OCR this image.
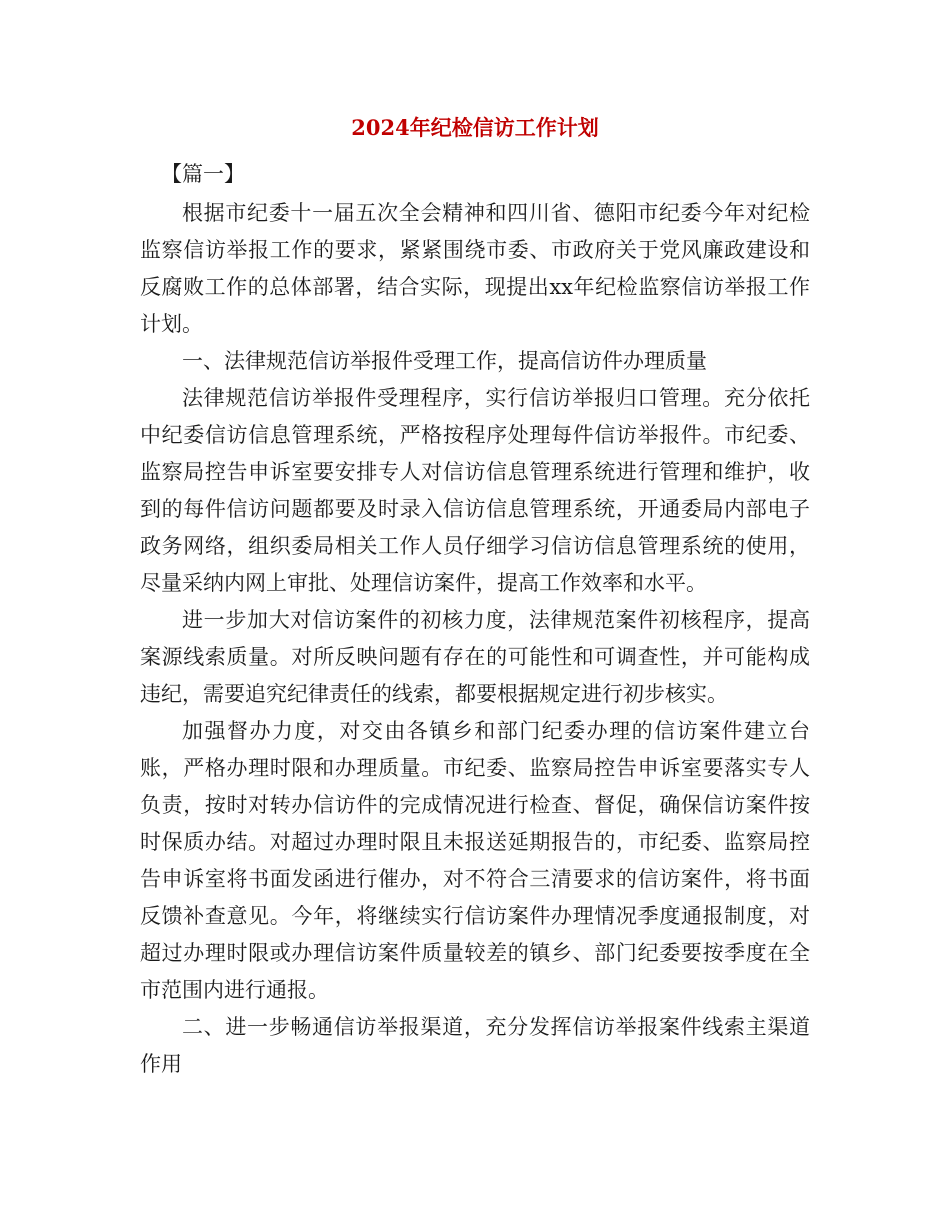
2024年纪检信访工作计划

【篇一】

根据市纪委十一届五次全会精神和四川省、德阳市纪委今年对纪检监察信访举报工作的要求，紧紧围绕市委、市政府关于党风廉政建设和反腐败工作的总体部署，结合实际，现提出xx年纪检监察信访举报工作计划。

一、法律规范信访举报件受理工作，提高信访件办理质量

法律规范信访举报件受理程序，实行信访举报归口管理。充分依托中纪委信访信息管理系统，严格按程序处理每件信访举报件。市纪委、监察局控告申诉室要安排专人对信访信息管理系统进行管理和维护，收到的每件信访问题都要及时录入信访信息管理系统，开通委局内部电子政务网络，组织委局相关工作人员仔细学习信访信息管理系统的使用，尽量采纳内网上审批、处理信访案件，提高工作效率和水平。

进一步加大对信访案件的初核力度，法律规范案件初核程序，提高案源线索质量。对所反映问题有存在的可能性和可调查性，并可能构成违纪，需要追究纪律责任的线索，都要根据规定进行初步核实。

加强督办力度，对交由各镇乡和部门纪委办理的信访案件建立台账，严格办理时限和办理质量。市纪委、监察局控告申诉室要落实专人负责，按时对转办信访件的完成情况进行检查、督促，确保信访案件按时保质办结。对超过办理时限且未报送延期报告的，市纪委、监察局控告申诉室将书面发函进行催办，对不符合三清要求的信访案件，将书面反馈补查意见。今年，将继续实行信访案件办理情况季度通报制度，对超过办理时限或办理信访案件质量较差的镇乡、部门纪委要按季度在全市范围内进行通报。

二、进一步畅通信访举报渠道，充分发挥信访举报案件线索主渠道作用
